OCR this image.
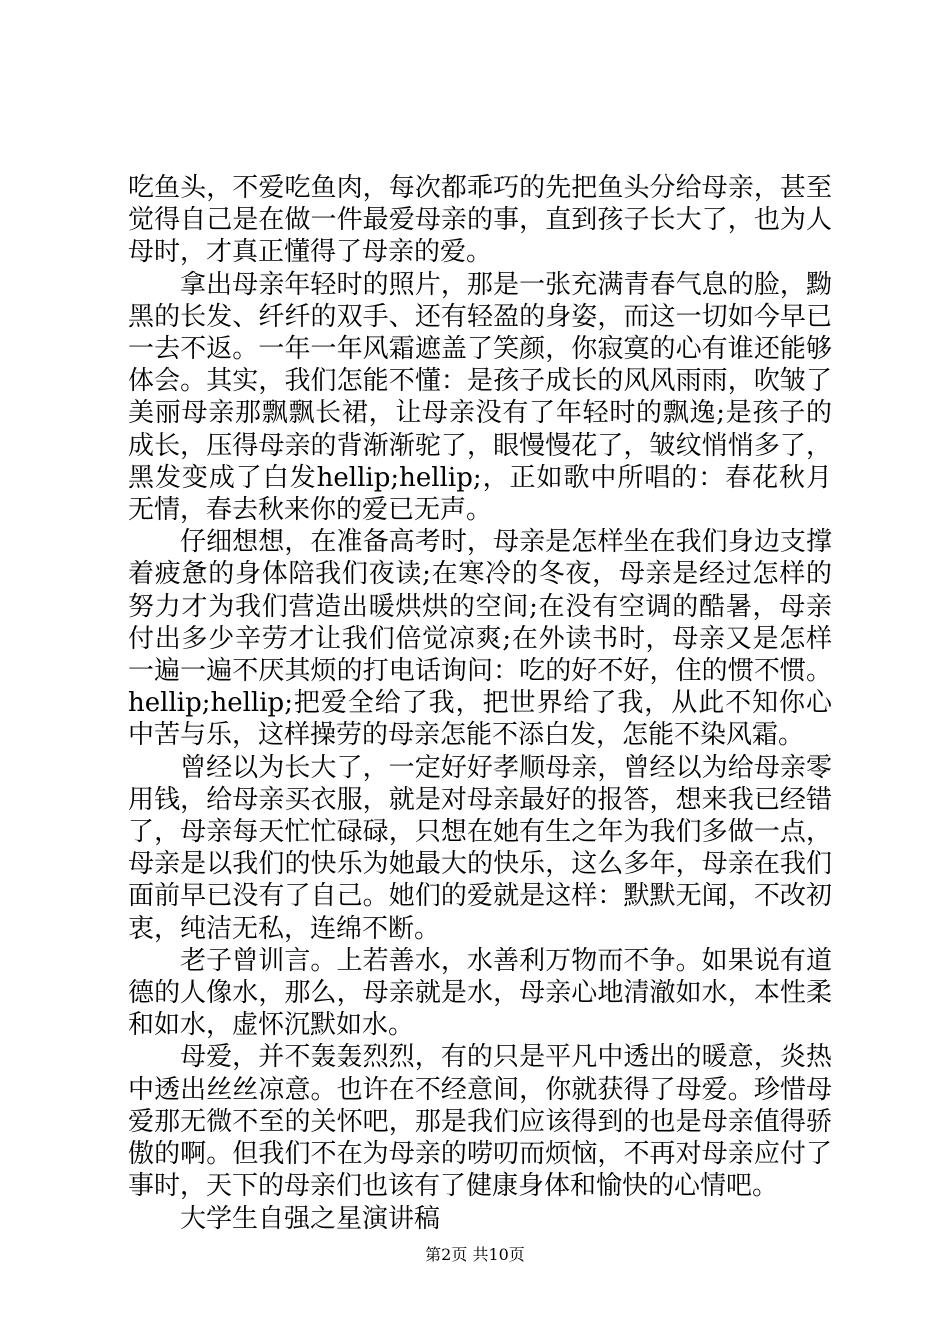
吃鱼头，不爱吃鱼肉，每次都乖巧的先把鱼头分给母亲，甚至觉得自己是在做一件最爱母亲的事，直到孩子长大了，也为人母时，才真正懂得了母亲的爱。

拿出母亲年轻时的照片，那是一张充满青春气息的脸，黝黑的长发、纤纤的双手、还有轻盈的身姿，而这一切如今早已一去不返。一年一年风霜遮盖了笑颜，你寂寞的心有谁还能够体会。其实，我们怎能不懂：是孩子成长的风风雨雨，吹皱了美丽母亲那飘飘长裙，让母亲没有了年轻时的飘逸;是孩子的成长，压得母亲的背渐渐驼了，眼慢慢花了，皱纹悄悄多了，黑发变成了白发hellip;hellip;，正如歌中所唱的：春花秋月无情，春去秋来你的爱已无声。

仔细想想，在准备高考时，母亲是怎样坐在我们身边支撑着疲惫的身体陪我们夜读;在寒冷的冬夜，母亲是经过怎样的努力才为我们营造出暖烘烘的空间;在没有空调的酷暑，母亲付出多少辛劳才让我们倍觉凉爽;在外读书时，母亲又是怎样一遍一遍不厌其烦的打电话询问：吃的好不好，住的惯不惯。hellip;hellip;把爱全给了我，把世界给了我，从此不知你心中苦与乐，这样操劳的母亲怎能不添白发，怎能不染风霜。

曾经以为长大了，一定好好孝顺母亲，曾经以为给母亲零用钱，给母亲买衣服，就是对母亲最好的报答，想来我已经错了，母亲每天忙忙碌碌，只想在她有生之年为我们多做一点，母亲是以我们的快乐为她最大的快乐，这么多年，母亲在我们面前早已没有了自己。她们的爱就是这样：默默无闻，不改初衷，纯洁无私，连绵不断。

老子曾训言。上若善水，水善利万物而不争。如果说有道德的人像水，那么，母亲就是水，母亲心地清澈如水，本性柔和如水，虚怀沉默如水。

母爱，并不轰轰烈烈，有的只是平凡中透出的暖意，炎热中透出丝丝凉意。也许在不经意间，你就获得了母爱。珍惜母爱那无微不至的关怀吧，那是我们应该得到的也是母亲值得骄傲的啊。但我们不在为母亲的唠叨而烦恼，不再对母亲应付了事时，天下的母亲们也该有了健康身体和愉快的心情吧。

大学生自强之星演讲稿

第2页 共10页
